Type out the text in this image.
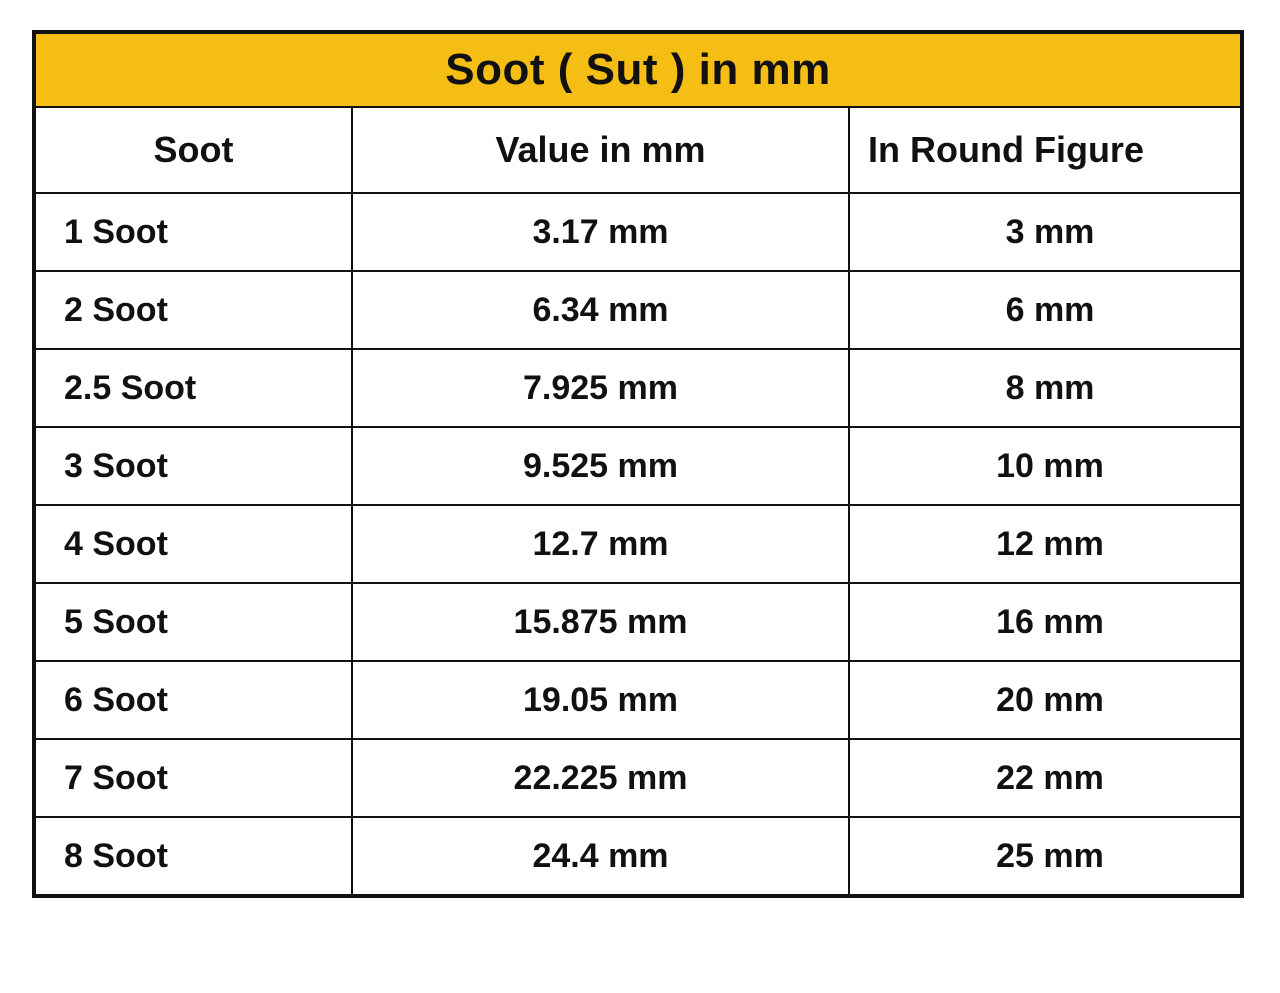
Soot ( Sut ) in mm		
Soot	Value in mm	In Round Figure
1 Soot	3.17 mm	3 mm
2 Soot	6.34 mm	6 mm
2.5 Soot	7.925 mm	8 mm
3 Soot	9.525 mm	10 mm
4 Soot	12.7 mm	12 mm
5 Soot	15.875 mm	16 mm
6 Soot	19.05 mm	20 mm
7 Soot	22.225 mm	22 mm
8 Soot	24.4 mm	25 mm
